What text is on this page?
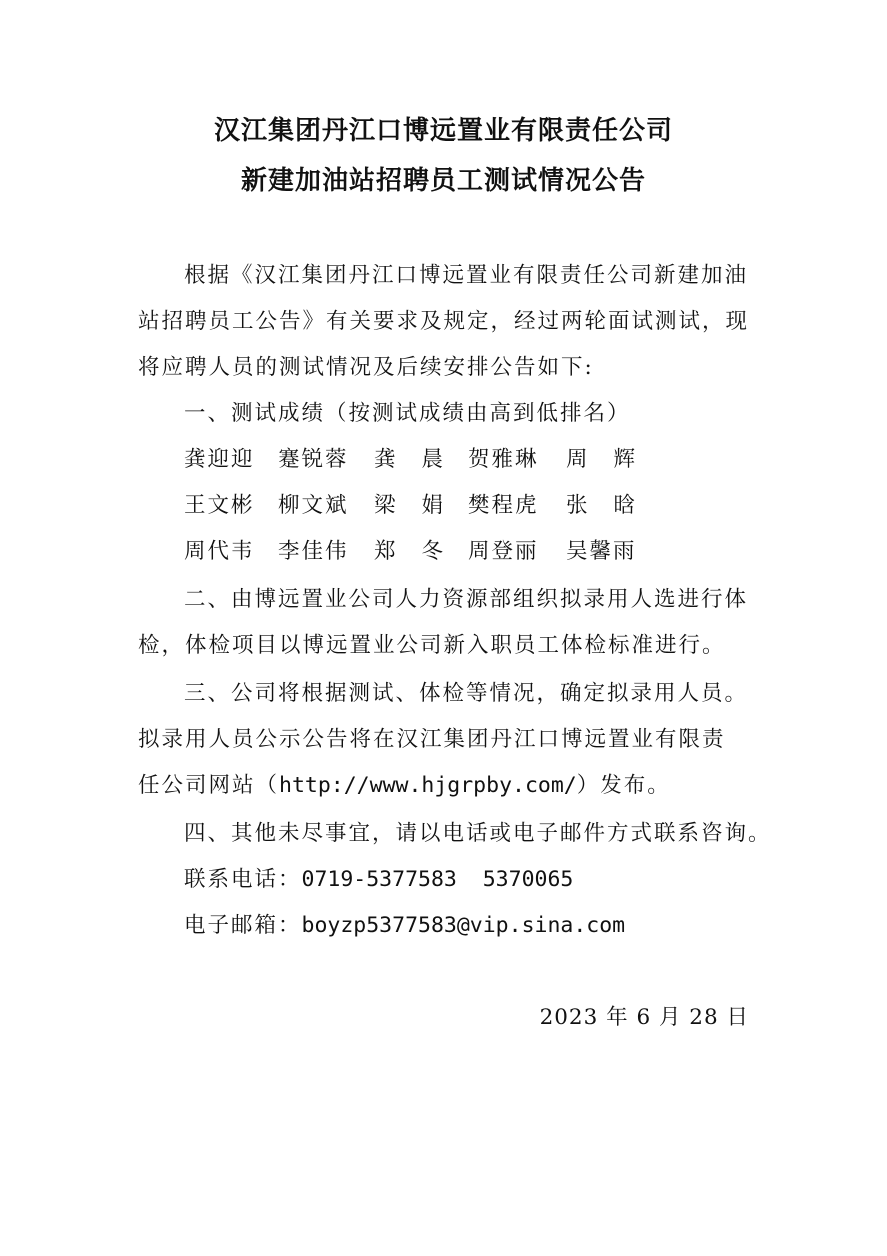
汉江集团丹江口博远置业有限责任公司
新建加油站招聘员工测试情况公告
根据《汉江集团丹江口博远置业有限责任公司新建加油
站招聘员工公告》有关要求及规定，经过两轮面试测试，现
将应聘人员的测试情况及后续安排公告如下:
一、测试成绩（按测试成绩由高到低排名）
龚迎迎 蹇锐蓉 龚晨
贺雅琳 周辉
王文彬 柳文斌 梁娟
樊程虎 张晗
周代韦 李佳伟 郑冬
周登丽 吴馨雨
二、由博远置业公司人力资源部组织拟录用人选进行体
检，体检项目以博远置业公司新入职员工体检标准进行。
三、公司将根据测试、体检等情况，确定拟录用人员。
拟录用人员公示公告将在汉江集团丹江口博远置业有限责
任公司网站（http://www.hjgrpby.com/）发布。
四、其他未尽事宜，请以电话或电子邮件方式联系咨询。
联系电话：0719-5377583  5370065
电子邮箱：boyzp5377583@vip.sina.com
2023 年 6 月 28 日
